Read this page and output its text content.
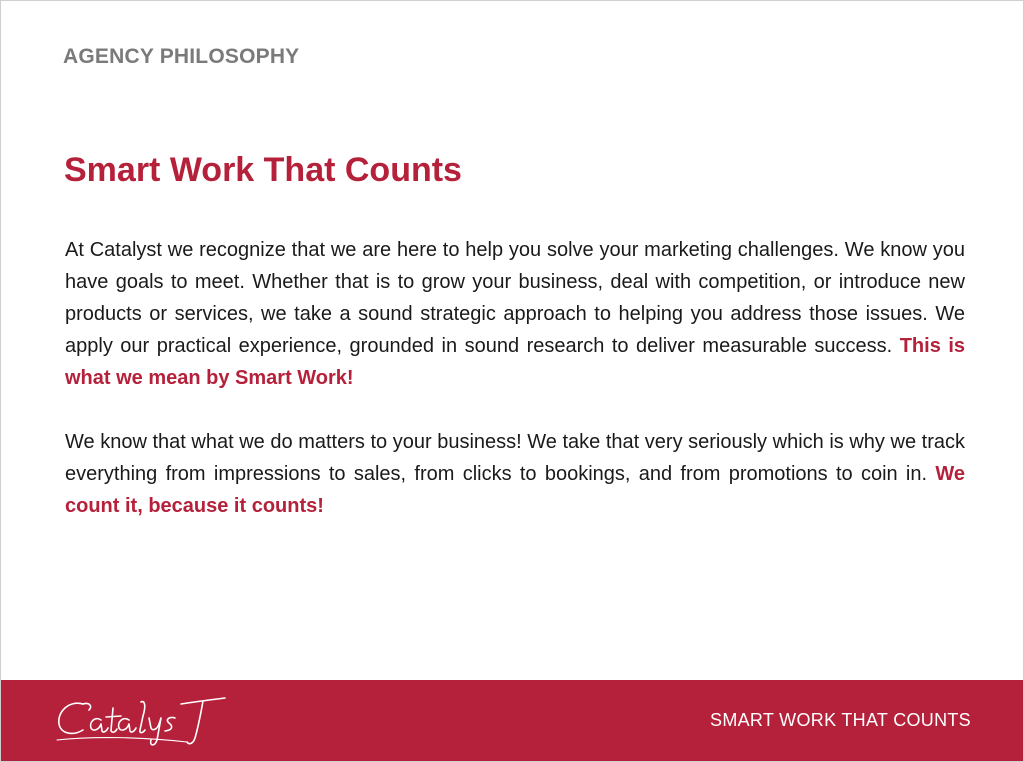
AGENCY PHILOSOPHY
Smart Work That Counts

At Catalyst we recognize that we are here to help you solve your marketing challenges. We know you have goals to meet. Whether that is to grow your business, deal with competition, or introduce new products or services, we take a sound strategic approach to helping you address those issues. We apply our practical experience, grounded in sound research to deliver measurable success. This is what we mean by Smart Work!

We know that what we do matters to your business! We take that very seriously which is why we track everything from impressions to sales, from clicks to bookings, and from promotions to coin in. We count it, because it counts!

SMART WORK THAT COUNTS
